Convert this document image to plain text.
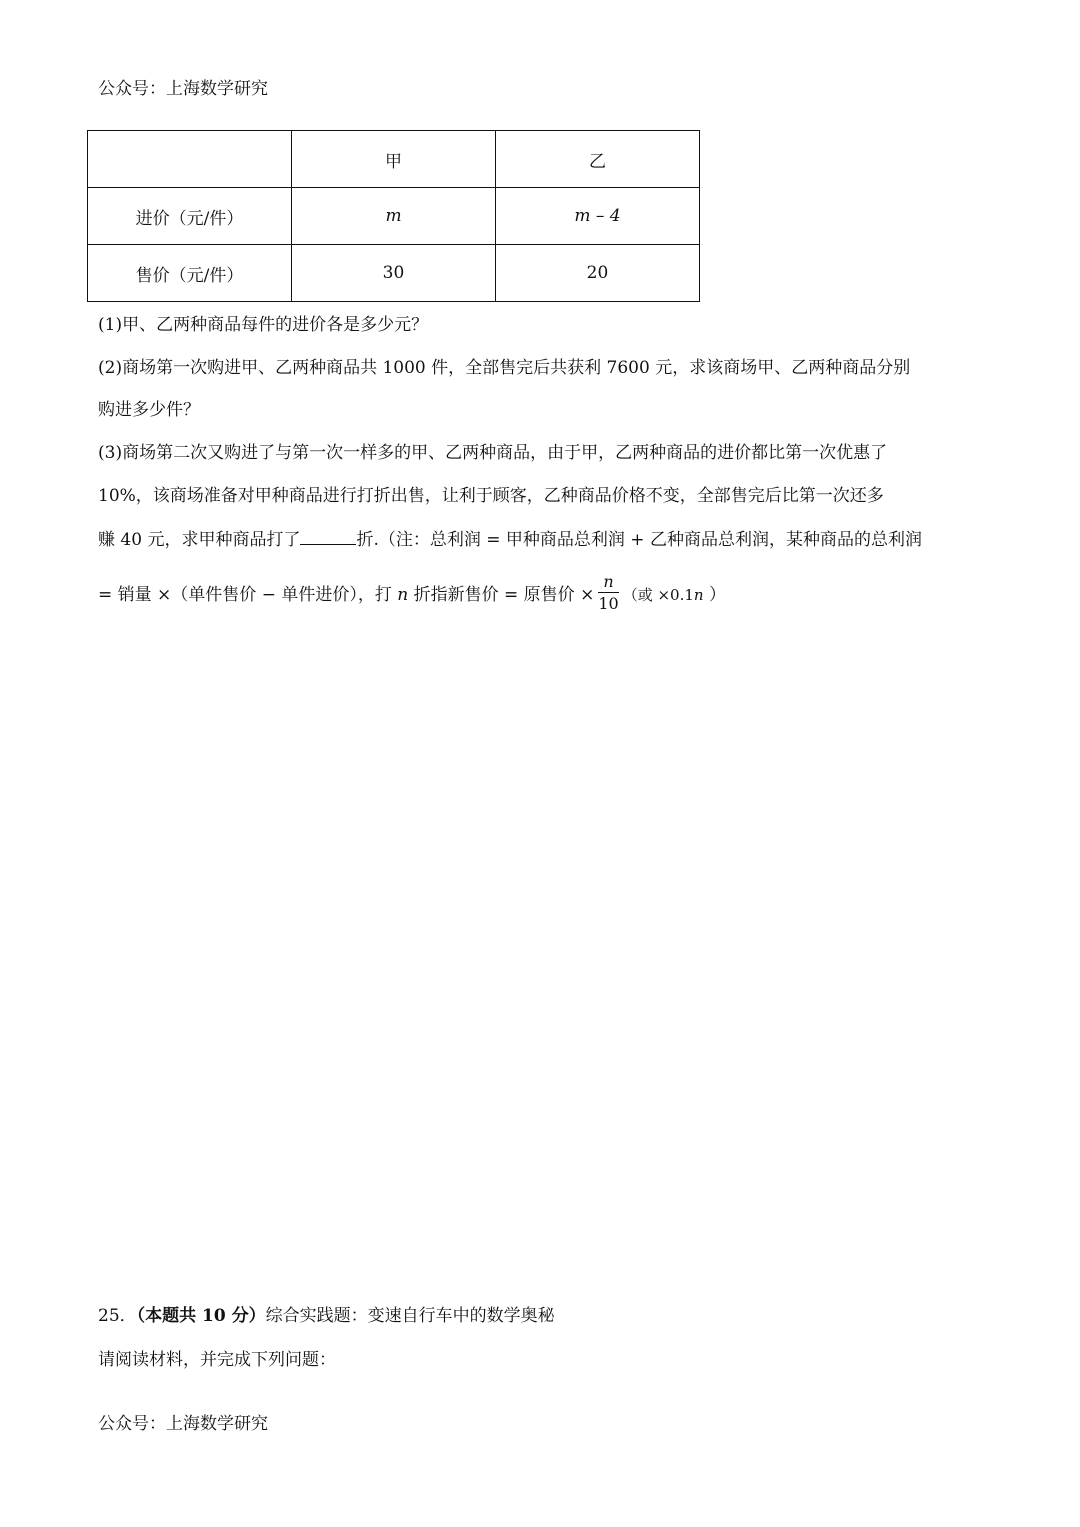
公众号：上海数学研究
	甲	乙
进价（元/件）	m	m – 4
售价（元/件）	30	20
(1)甲、乙两种商品每件的进价各是多少元？
(2)商场第一次购进甲、乙两种商品共 1000 件，全部售完后共获利 7600 元，求该商场甲、乙两种商品分别
购进多少件？
(3)商场第二次又购进了与第一次一样多的甲、乙两种商品，由于甲，乙两种商品的进价都比第一次优惠了
10%，该商场准备对甲种商品进行打折出售，让利于顾客，乙种商品价格不变，全部售完后比第一次还多
赚 40 元，求甲种商品打了	折.（注：总利润 = 甲种商品总利润 + 乙种商品总利润，某种商品的总利润
= 销量 ×（单件售价 − 单件进价），打 n 折指新售价 = 原售价 × $\frac{n}{10}$ （或 ×0.1n ）
25．（本题共 10 分）综合实践题：变速自行车中的数学奥秘
请阅读材料，并完成下列问题：
公众号：上海数学研究
